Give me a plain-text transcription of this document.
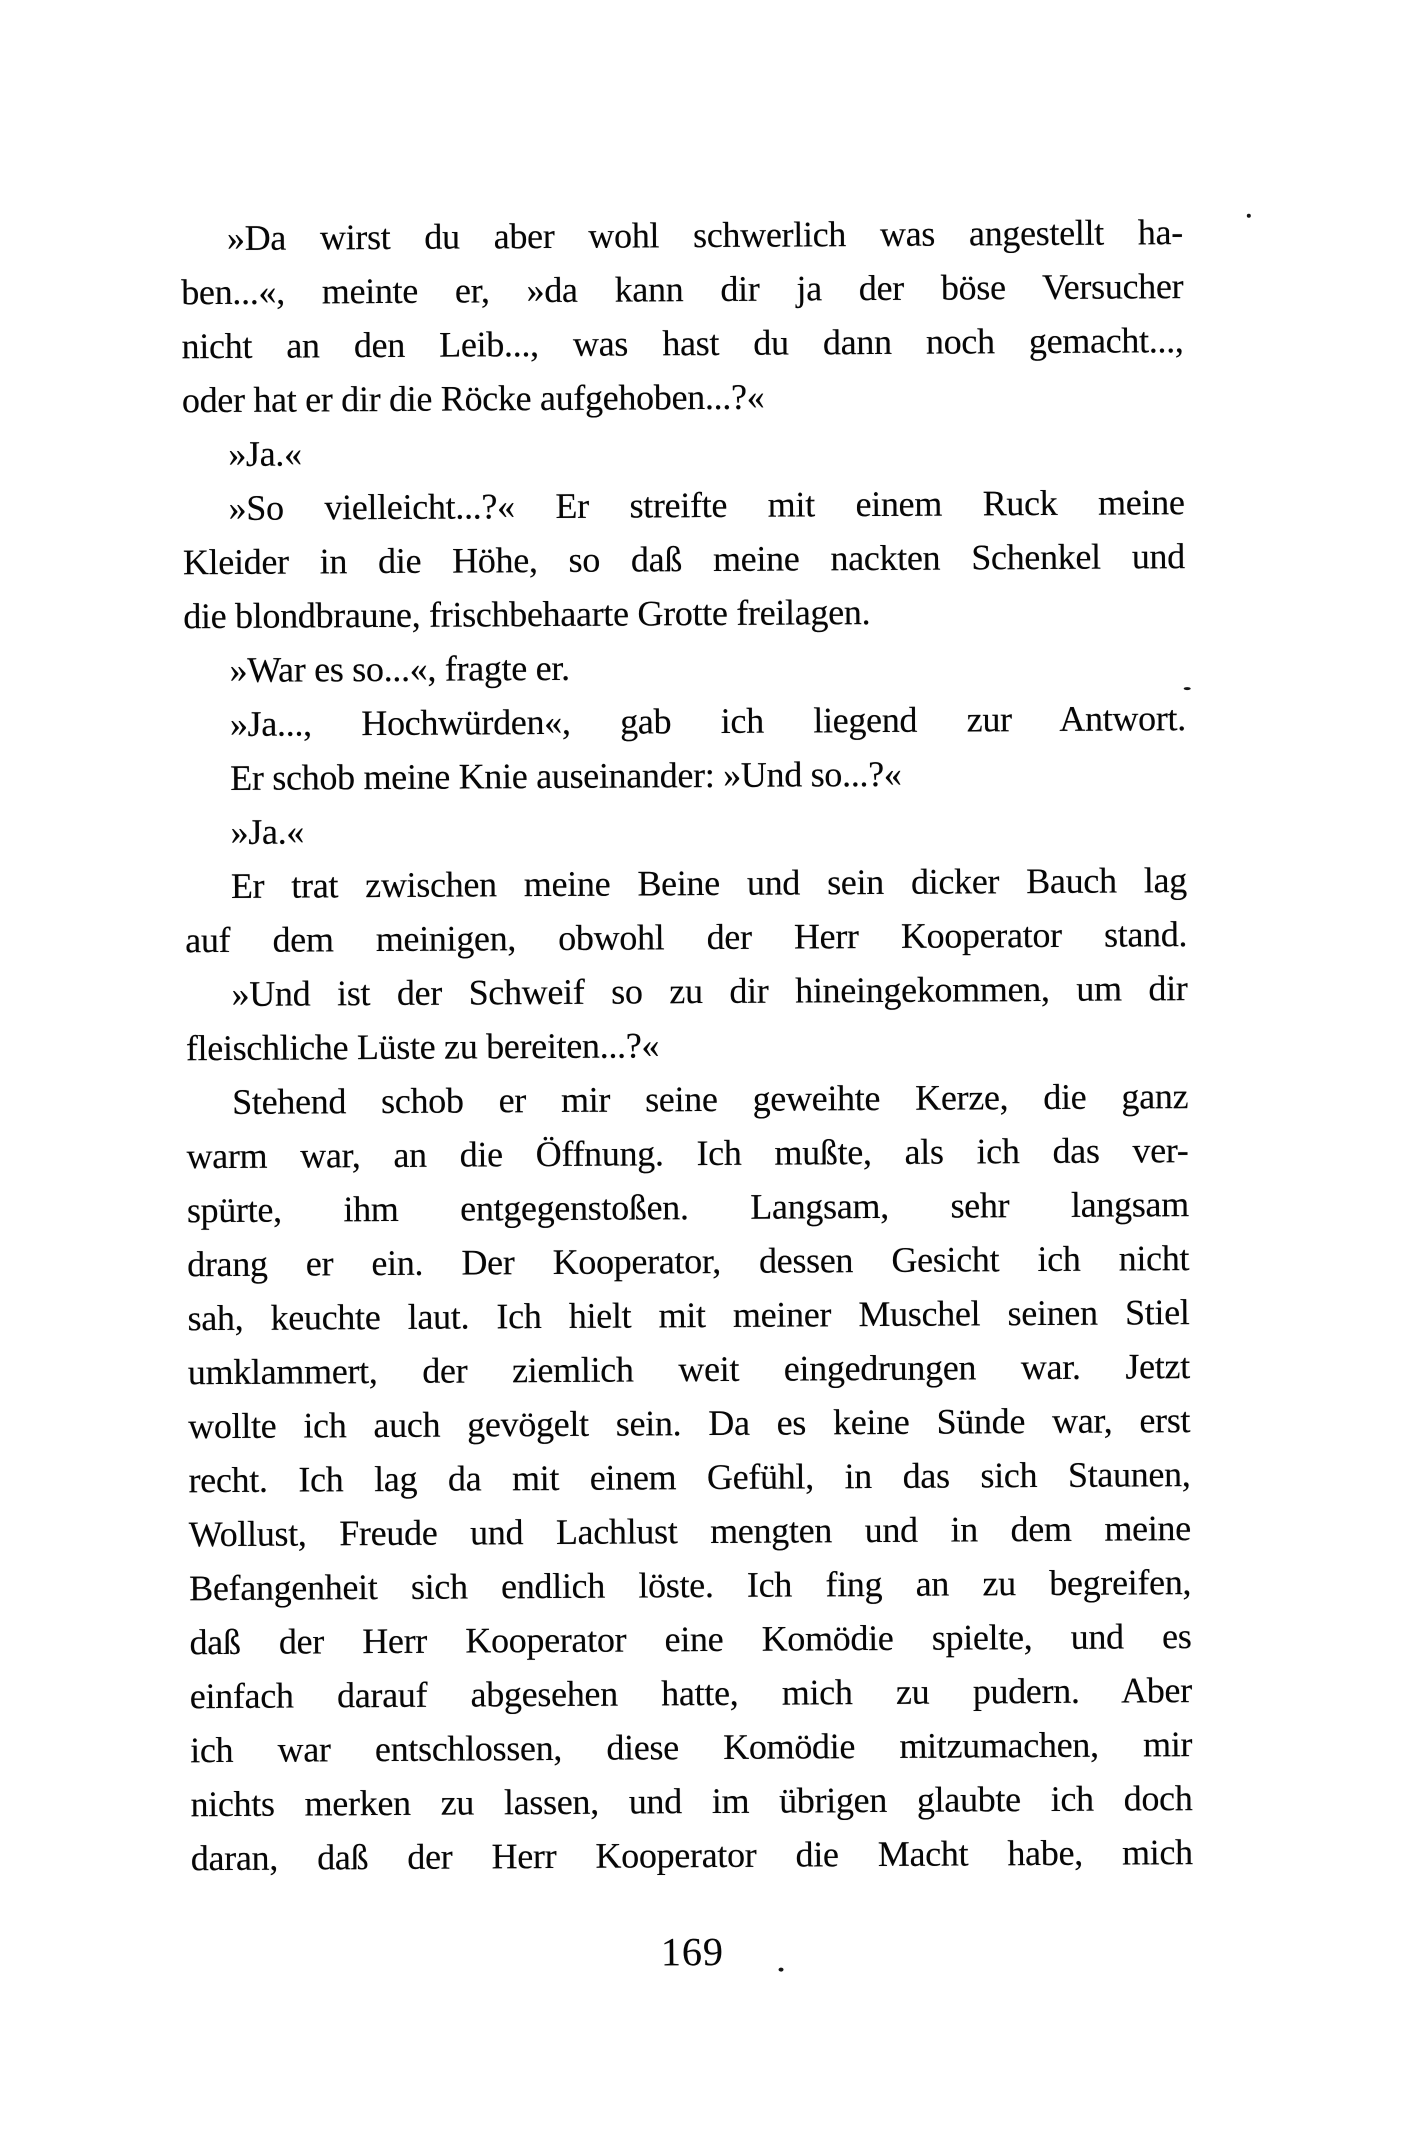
»Da wirst du aber wohl schwerlich was angestellt ha-
ben...«, meinte er, »da kann dir ja der böse Versucher
nicht an den Leib..., was hast du dann noch gemacht...,
oder hat er dir die Röcke aufgehoben...?«
»Ja.«
»So vielleicht...?« Er streifte mit einem Ruck meine
Kleider in die Höhe, so daß meine nackten Schenkel und
die blondbraune, frischbehaarte Grotte freilagen.
»War es so...«, fragte er.
»Ja..., Hochwürden«, gab ich liegend zur Antwort.
Er schob meine Knie auseinander: »Und so...?«
»Ja.«
Er trat zwischen meine Beine und sein dicker Bauch lag
auf dem meinigen, obwohl der Herr Kooperator stand.
»Und ist der Schweif so zu dir hineingekommen, um dir
fleischliche Lüste zu bereiten...?«
Stehend schob er mir seine geweihte Kerze, die ganz
warm war, an die Öffnung. Ich mußte, als ich das ver-
spürte, ihm entgegenstoßen. Langsam, sehr langsam
drang er ein. Der Kooperator, dessen Gesicht ich nicht
sah, keuchte laut. Ich hielt mit meiner Muschel seinen Stiel
umklammert, der ziemlich weit eingedrungen war. Jetzt
wollte ich auch gevögelt sein. Da es keine Sünde war, erst
recht. Ich lag da mit einem Gefühl, in das sich Staunen,
Wollust, Freude und Lachlust mengten und in dem meine
Befangenheit sich endlich löste. Ich fing an zu begreifen,
daß der Herr Kooperator eine Komödie spielte, und es
einfach darauf abgesehen hatte, mich zu pudern. Aber
ich war entschlossen, diese Komödie mitzumachen, mir
nichts merken zu lassen, und im übrigen glaubte ich doch
daran, daß der Herr Kooperator die Macht habe, mich
169
